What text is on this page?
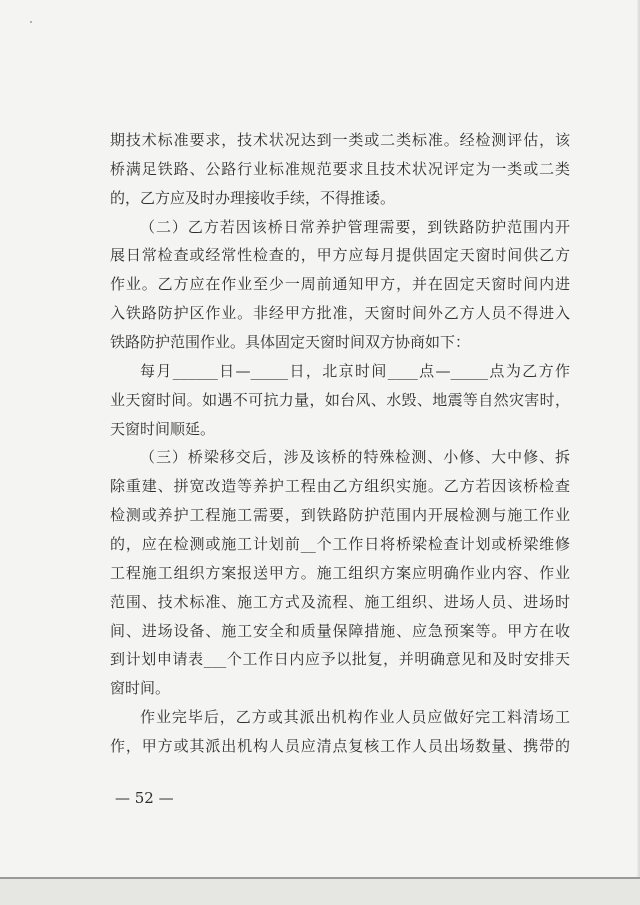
期技术标准要求，技术状况达到一类或二类标准。经检测评估，该
桥满足铁路、公路行业标准规范要求且技术状况评定为一类或二类
的，乙方应及时办理接收手续，不得推诿。
（二）乙方若因该桥日常养护管理需要，到铁路防护范围内开
展日常检查或经常性检查的，甲方应每月提供固定天窗时间供乙方
作业。乙方应在作业至少一周前通知甲方，并在固定天窗时间内进
入铁路防护区作业。非经甲方批准，天窗时间外乙方人员不得进入
铁路防护范围作业。具体固定天窗时间双方协商如下：
每月______日—_____日，北京时间____点—_____点为乙方作
业天窗时间。如遇不可抗力量，如台风、水毁、地震等自然灾害时，
天窗时间顺延。
（三）桥梁移交后，涉及该桥的特殊检测、小修、大中修、拆
除重建、拼宽改造等养护工程由乙方组织实施。乙方若因该桥检查
检测或养护工程施工需要，到铁路防护范围内开展检测与施工作业
的，应在检测或施工计划前__个工作日将桥梁检查计划或桥梁维修
工程施工组织方案报送甲方。施工组织方案应明确作业内容、作业
范围、技术标准、施工方式及流程、施工组织、进场人员、进场时
间、进场设备、施工安全和质量保障措施、应急预案等。甲方在收
到计划申请表___个工作日内应予以批复，并明确意见和及时安排天
窗时间。
作业完毕后，乙方或其派出机构作业人员应做好完工料清场工
作，甲方或其派出机构人员应清点复核工作人员出场数量、携带的
— 52 —
